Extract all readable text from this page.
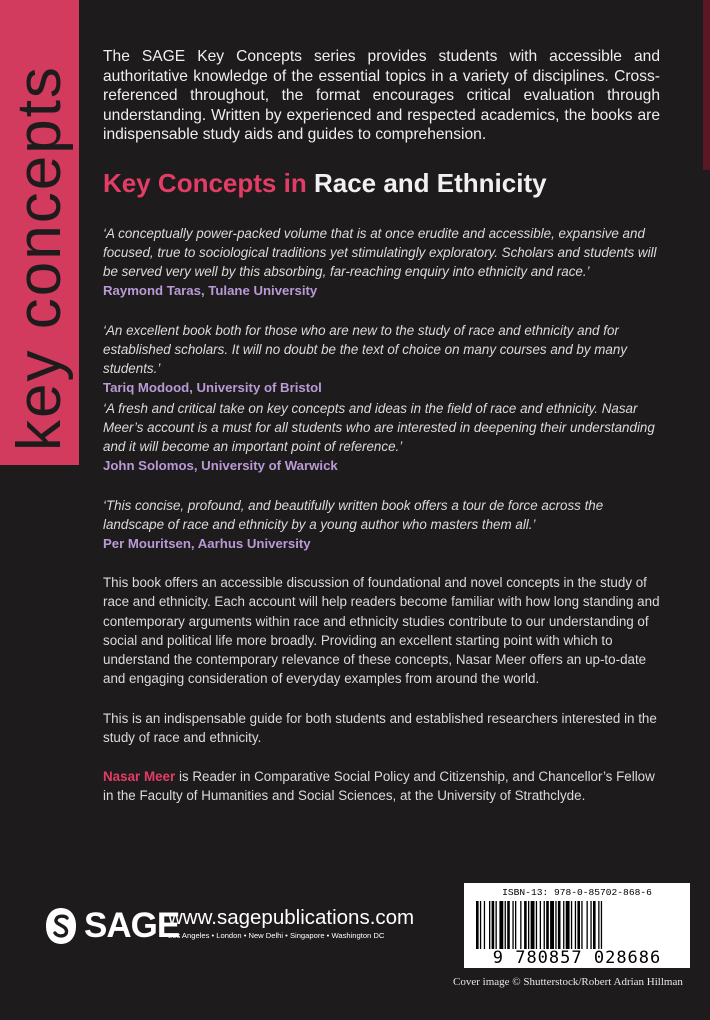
key concepts

The SAGE Key Concepts series provides students with accessible and authoritative knowledge of the essential topics in a variety of disciplines. Cross-referenced throughout, the format encourages critical evaluation through understanding. Written by experienced and respected academics, the books are indispensable study aids and guides to comprehension.

Key Concepts in Race and Ethnicity

‘A conceptually power-packed volume that is at once erudite and accessible, expansive and focused, true to sociological traditions yet stimulatingly exploratory. Scholars and students will be served very well by this absorbing, far-reaching enquiry into ethnicity and race.’

Raymond Taras, Tulane University

‘An excellent book both for those who are new to the study of race and ethnicity and for established scholars. It will no doubt be the text of choice on many courses and by many students.’

Tariq Modood, University of Bristol

‘A fresh and critical take on key concepts and ideas in the field of race and ethnicity. Nasar Meer’s account is a must for all students who are interested in deepening their understanding and it will become an important point of reference.’

John Solomos, University of Warwick

‘This concise, profound, and beautifully written book offers a tour de force across the landscape of race and ethnicity by a young author who masters them all.’

Per Mouritsen, Aarhus University

This book offers an accessible discussion of foundational and novel concepts in the study of race and ethnicity. Each account will help readers become familiar with how long standing and contemporary arguments within race and ethnicity studies contribute to our understanding of social and political life more broadly. Providing an excellent starting point with which to understand the contemporary relevance of these concepts, Nasar Meer offers an up-to-date and engaging consideration of everyday examples from around the world.

This is an indispensable guide for both students and established researchers interested in the study of race and ethnicity.

Nasar Meer is Reader in Comparative Social Policy and Citizenship, and Chancellor’s Fellow in the Faculty of Humanities and Social Sciences, at the University of Strathclyde.

SAGE

www.sagepublications.com

Los Angeles • London • New Delhi • Singapore • Washington DC

ISBN-13: 978-0-85702-868-6

9 780857 028686

Cover image © Shutterstock/Robert Adrian Hillman
